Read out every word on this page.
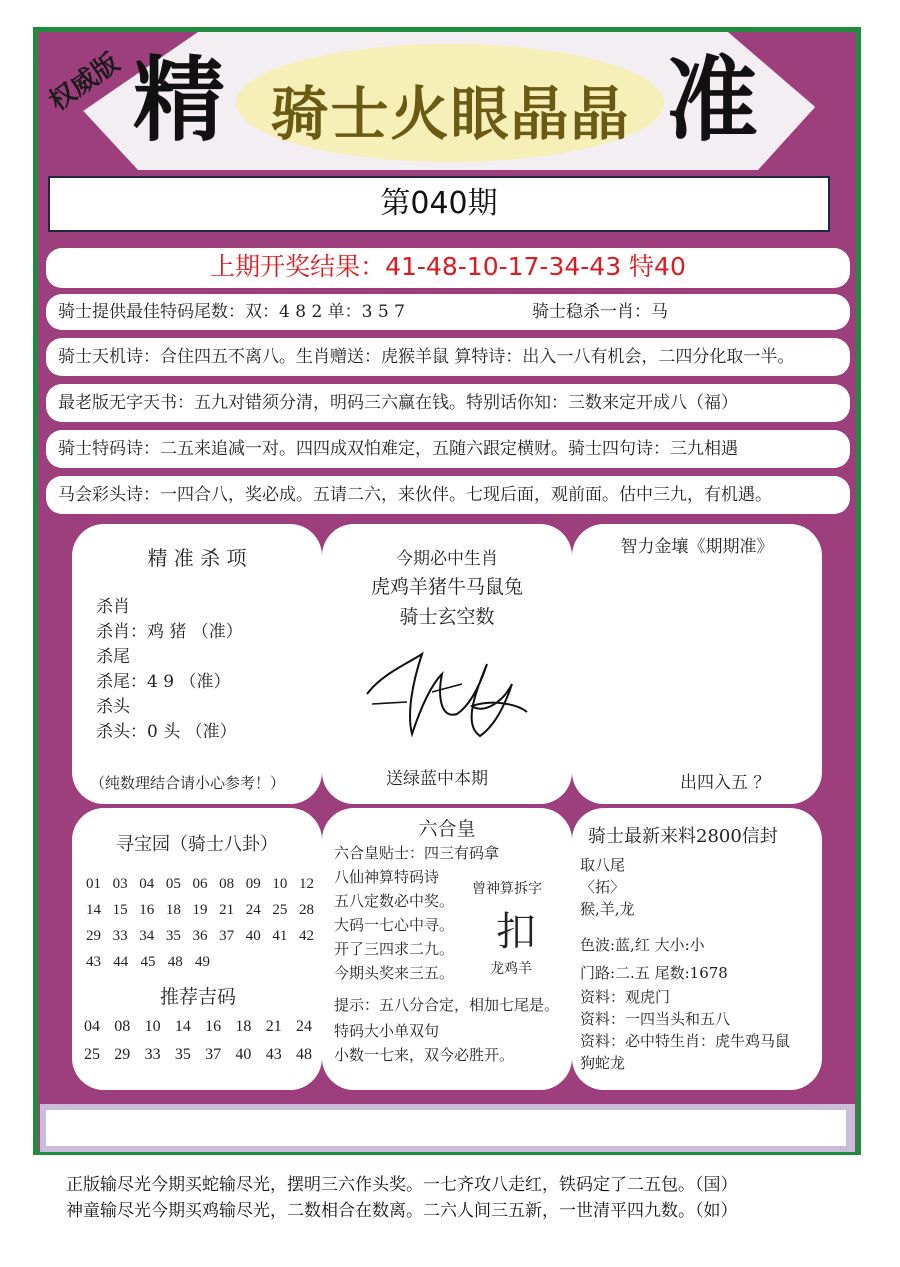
权威版 精 骑士火眼晶晶 准
第040期
上期开奖结果：41-48-10-17-34-43 特40
骑士提供最佳特码尾数：双：4 8 2 单：3 5 7	骑士稳杀一肖：马
骑士天机诗：合住四五不离八。生肖赠送：虎猴羊鼠 算特诗：出入一八有机会，二四分化取一半。
最老版无字天书：五九对错须分清，明码三六赢在钱。特别话你知：三数来定开成八（福）
骑士特码诗：二五来追减一对。四四成双怕难定，五随六跟定横财。骑士四句诗：三九相遇
马会彩头诗：一四合八，奖必成。五请二六，来伙伴。七现后面，观前面。估中三九，有机遇。
精 准 杀 项
杀肖
杀肖：鸡 猪 （准）
杀尾
杀尾：4 9 （准）
杀头
杀头：0 头 （准）
（纯数理结合请小心参考！）
今期必中生肖
虎鸡羊猪牛马鼠兔
骑士玄空数
送绿蓝中本期
智力金壤《期期准》
出四入五 ？
寻宝园（骑士八卦）
01 03 04 05 06 08 09 10 12
14 15 16 18 19 21 24 25 28
29 33 34 35 36 37 40 41 42
43 44 45 48 49
推荐吉码
04 08 10 14 16 18 21 24
25 29 33 35 37 40 43 48
六合皇
六合皇贴士：四三有码拿
八仙神算特码诗
五八定数必中奖。
大码一七心中寻。
开了三四求二九。
今期头奖来三五。
曾神算拆字
扣
龙鸡羊
提示：五八分合定，相加七尾是。
特码大小单双句
小数一七来，双今必胜开。
骑士最新来料2800信封
取八尾
〈拓〉
猴,羊,龙
色波:蓝,红 大小:小
门路:二.五 尾数:1678
资料：观虎门
资料：一四当头和五八
资料：必中特生肖：虎牛鸡马鼠
狗蛇龙
正版输尽光今期买蛇输尽光，摆明三六作头奖。一七齐攻八走红，铁码定了二五包。（国）
神童输尽光今期买鸡输尽光，二数相合在数离。二六人间三五新，一世清平四九数。（如）
